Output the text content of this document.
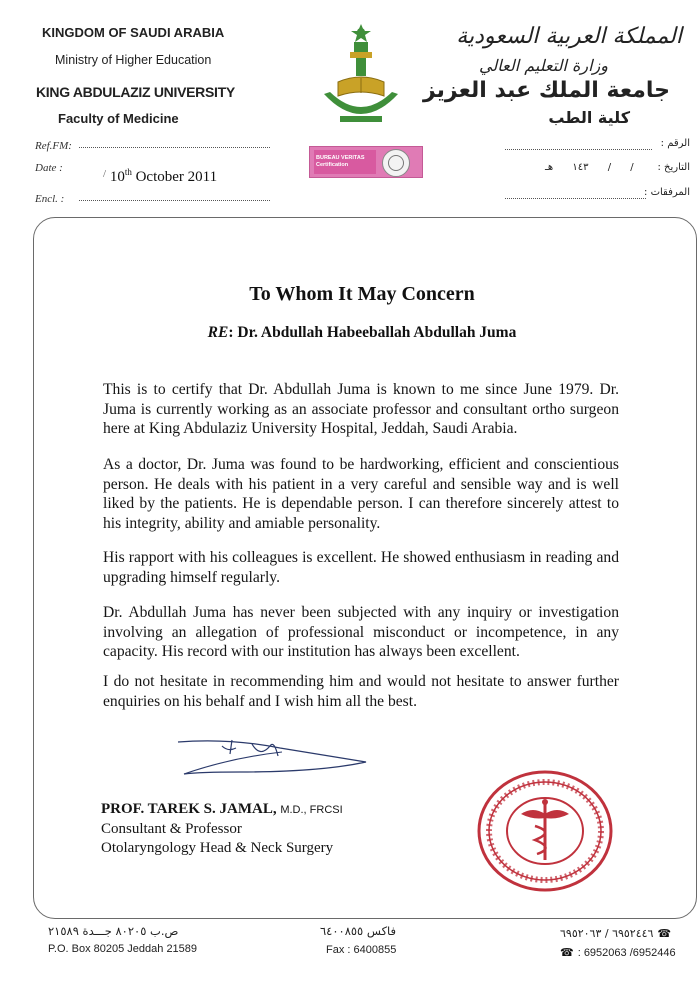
KINGDOM OF SAUDI ARABIA
Ministry of Higher Education
KING ABDULAZIZ UNIVERSITY
Faculty of Medicine
Ref.FM:
Date :	/ 10th October 2011
Encl. :
BUREAU VERITAS Certification
المملكة العربية السعودية
وزارة التعليم العالي
جامعة الملك عبد العزيز
كلية الطب
الرقم :
/ / ١٤٣ هـ التاريخ :
المرفقات :
To Whom It May Concern
RE: Dr. Abdullah Habeeballah Abdullah Juma
This is to certify that Dr. Abdullah Juma is known to me since June 1979. Dr. Juma is currently working as an associate professor and consultant ortho surgeon here at King Abdulaziz University Hospital, Jeddah, Saudi Arabia.
As a doctor, Dr. Juma was found to be hardworking, efficient and conscientious person. He deals with his patient in a very careful and sensible way and is well liked by the patients. He is dependable person. I can therefore sincerely attest to his integrity, ability and amiable personality.
His rapport with his colleagues is excellent. He showed enthusiasm in reading and upgrading himself regularly.
Dr. Abdullah Juma has never been subjected with any inquiry or investigation involving an allegation of professional misconduct or incompetence, in any capacity. His record with our institution has always been excellent.
I do not hesitate in recommending him and would not hesitate to answer further enquiries on his behalf and I wish him all the best.
PROF. TAREK S. JAMAL, M.D., FRCSI
Consultant & Professor
Otolaryngology Head & Neck Surgery
ص.ب ٨٠٢٠٥ جـــدة ٢١٥٨٩
P.O. Box 80205 Jeddah 21589
فاكس ٦٤٠٠٨٥٥
Fax : 6400855
٦٩٥٢٤٤٦ / ٦٩٥٢٠٦٣ ☎
☎ : 6952063 /6952446
